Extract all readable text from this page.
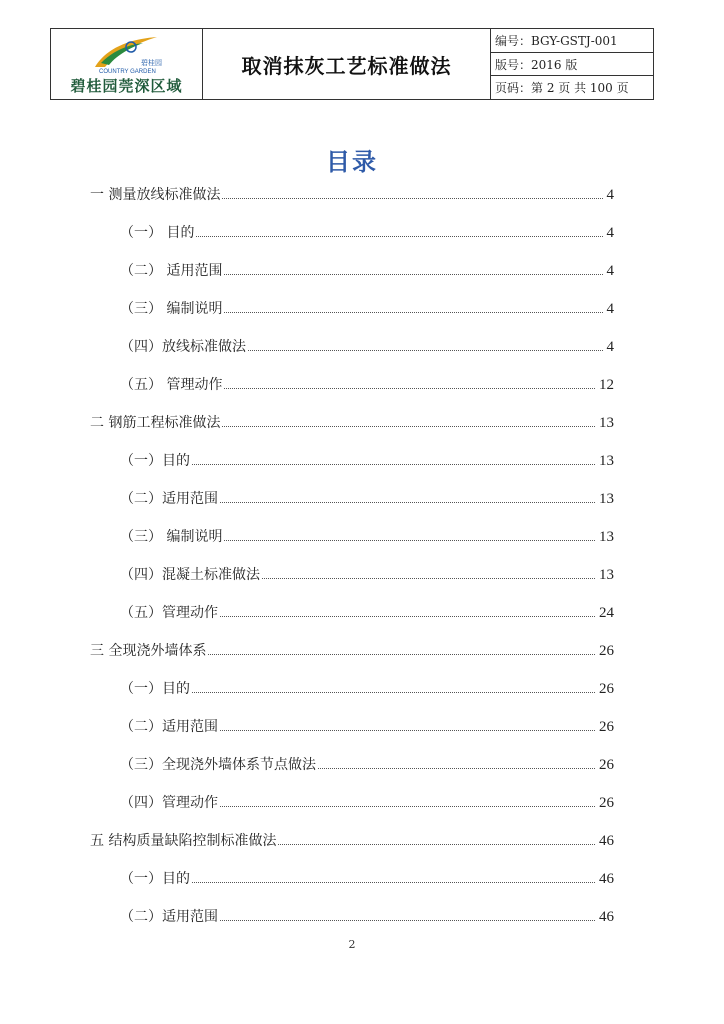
COUNTRY GARDEN
碧桂园
碧桂园莞深区域
取消抹灰工艺标准做法
编号：BGY-GSTJ-001
版号：2016 版
页码：第 2 页 共 100 页
目录
一 测量放线标准做法	4
（一） 目的	4
（二） 适用范围	4
（三） 编制说明	4
（四）放线标准做法	4
（五） 管理动作	12
二 钢筋工程标准做法	13
（一）目的	13
（二）适用范围	13
（三） 编制说明	13
（四）混凝土标准做法	13
（五）管理动作	24
三 全现浇外墙体系	26
（一）目的	26
（二）适用范围	26
（三）全现浇外墙体系节点做法	26
（四）管理动作	26
五 结构质量缺陷控制标准做法	46
（一）目的	46
（二）适用范围	46
2
